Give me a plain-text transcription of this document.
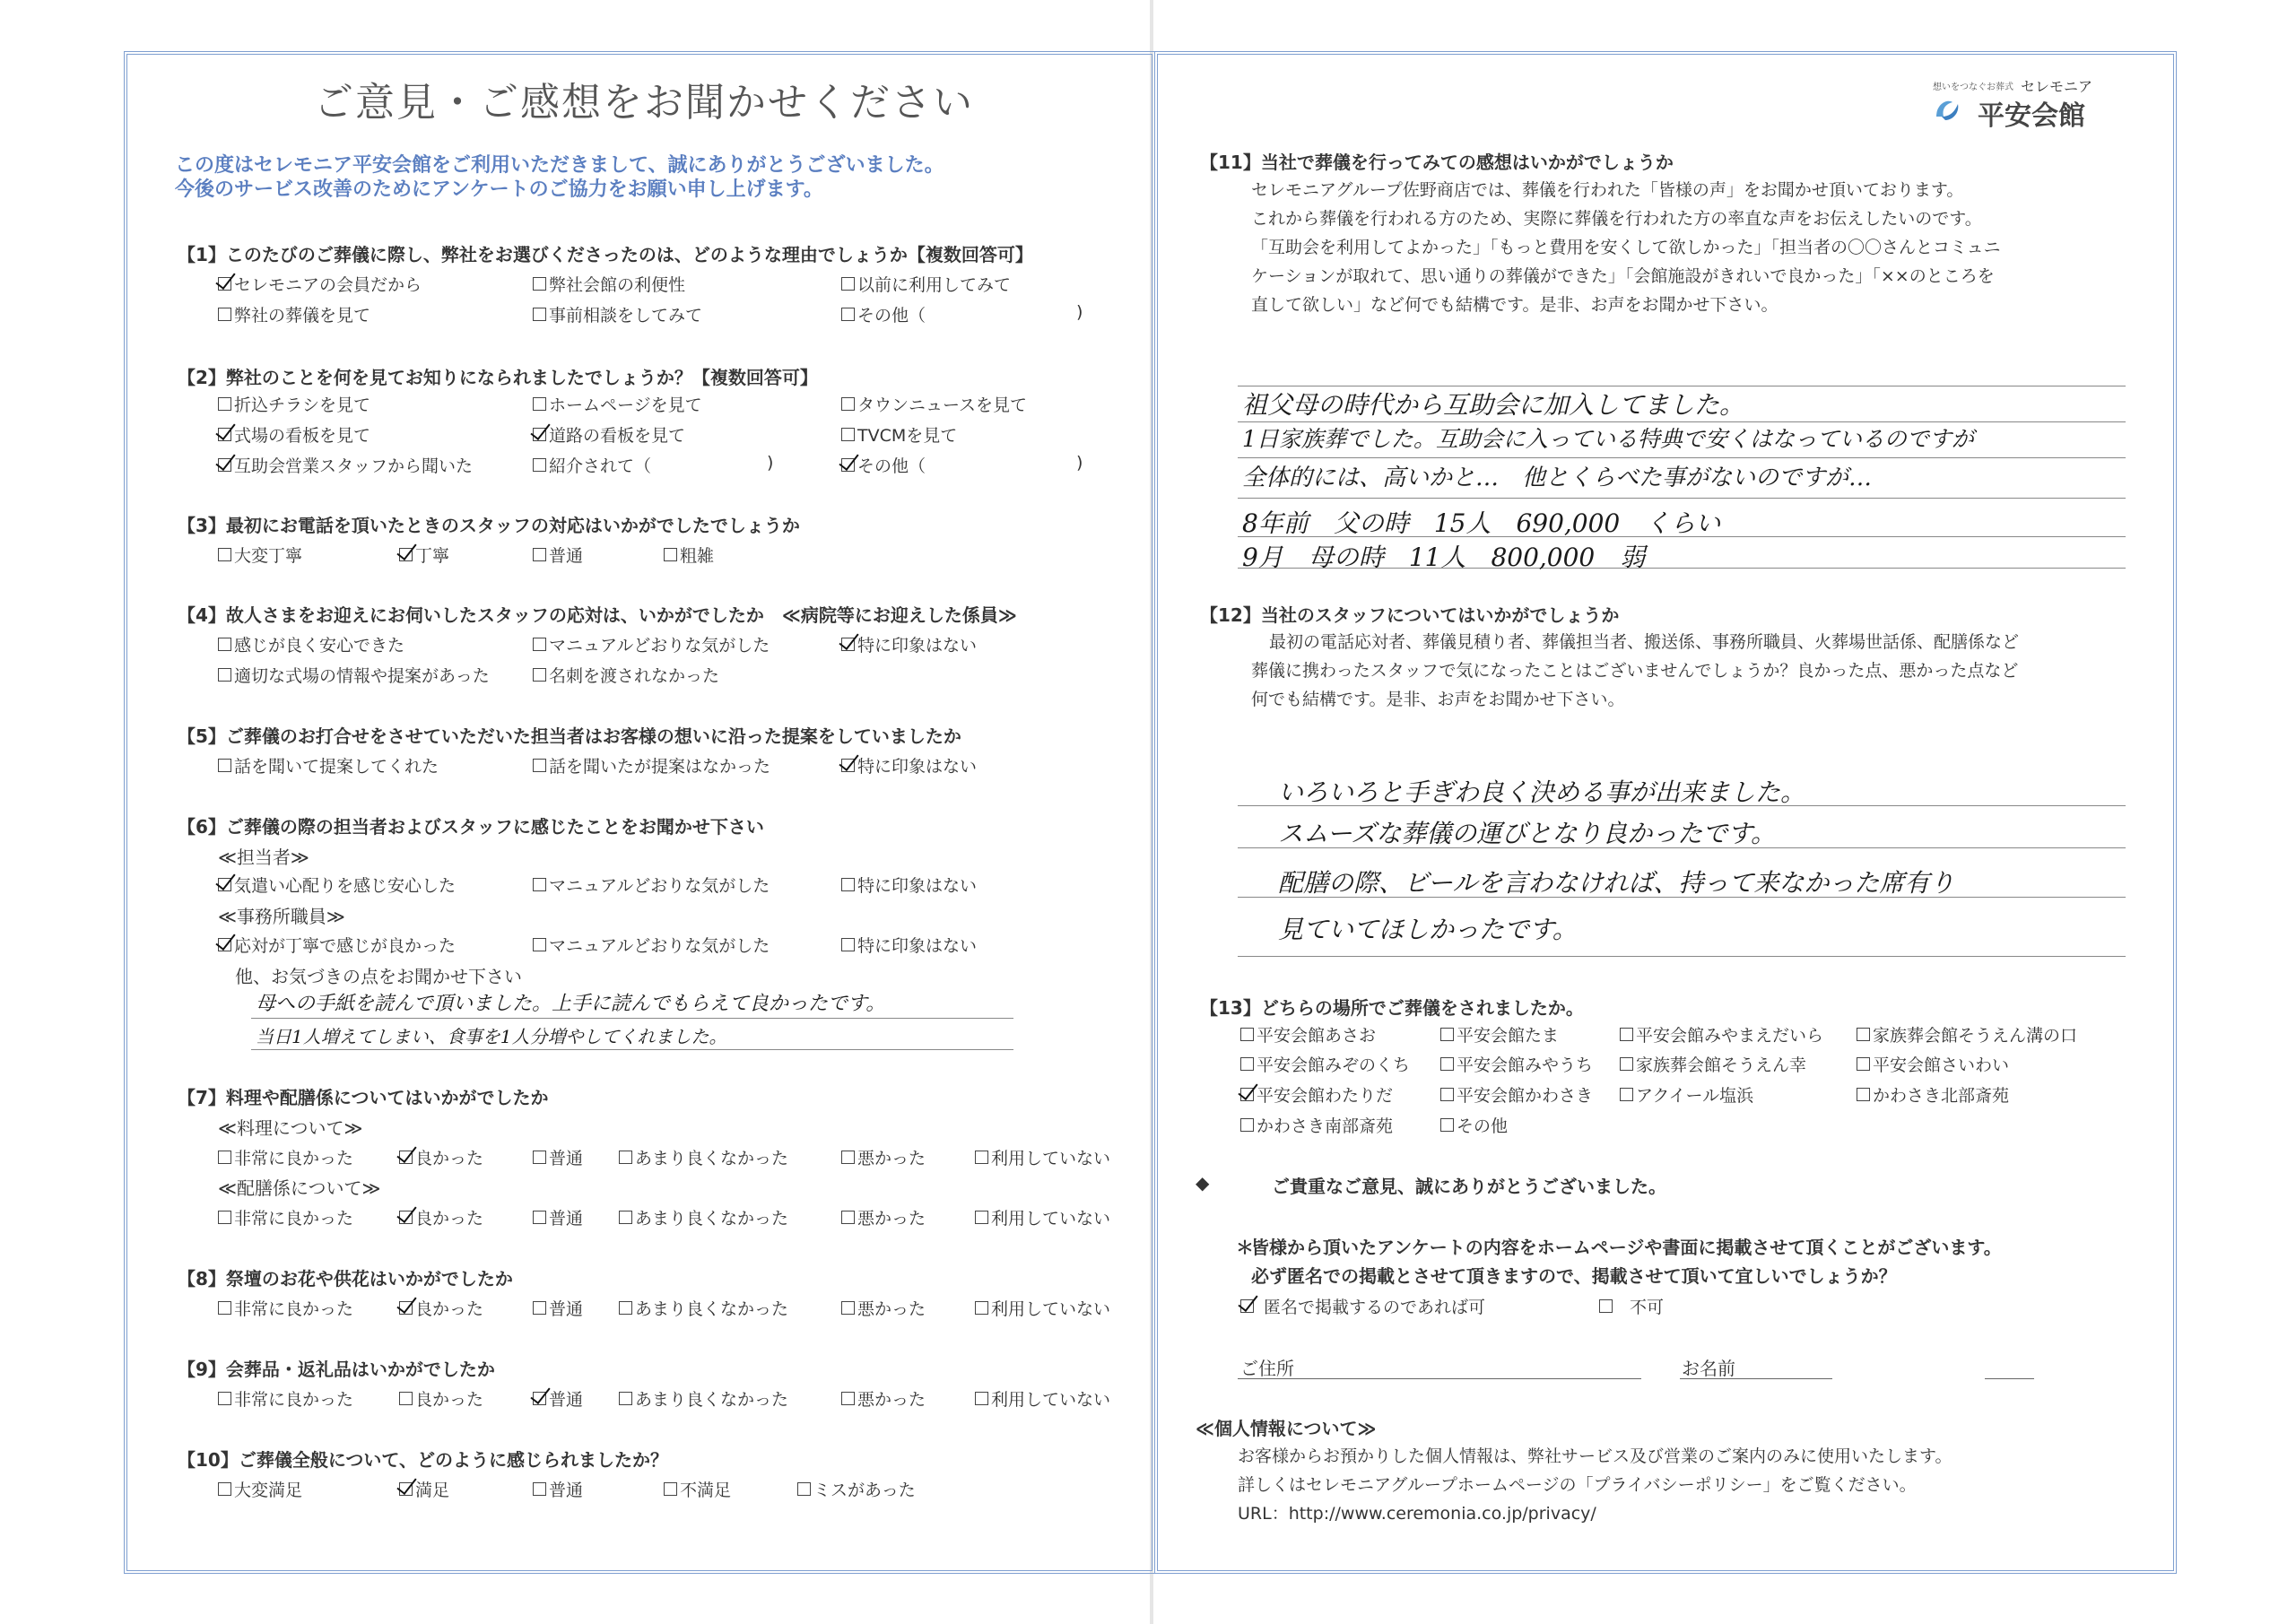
ご意見・ご感想をお聞かせください
この度はセレモニア平安会館をご利用いただきまして、誠にありがとうございました。
今後のサービス改善のためにアンケートのご協力をお願い申し上げます。
【1】このたびのご葬儀に際し、弊社をお選びくださったのは、どのような理由でしょうか【複数回答可】
セレモニアの会員だから	弊社会館の利便性	以前に利用してみて
弊社の葬儀を見て	事前相談をしてみて	その他（	)
【2】弊社のことを何を見てお知りになられましたでしょうか？【複数回答可】
折込チラシを見て	ホームページを見て	タウンニュースを見て
式場の看板を見て	道路の看板を見て	TVCMを見て
互助会営業スタッフから聞いた	紹介されて（	)	その他（	)
【3】最初にお電話を頂いたときのスタッフの対応はいかがでしたでしょうか
大変丁寧	丁寧	普通	粗雑
【4】故人さまをお迎えにお伺いしたスタッフの応対は、いかがでしたか　≪病院等にお迎えした係員≫
感じが良く安心できた	マニュアルどおりな気がした	特に印象はない
適切な式場の情報や提案があった	名刺を渡されなかった
【5】ご葬儀のお打合せをさせていただいた担当者はお客様の想いに沿った提案をしていましたか
話を聞いて提案してくれた	話を聞いたが提案はなかった	特に印象はない
【6】ご葬儀の際の担当者およびスタッフに感じたことをお聞かせ下さい
≪担当者≫
気遣い心配りを感じ安心した	マニュアルどおりな気がした	特に印象はない
≪事務所職員≫
応対が丁寧で感じが良かった	マニュアルどおりな気がした	特に印象はない
他、お気づきの点をお聞かせ下さい
母への手紙を読んで頂いました。上手に読んでもらえて良かったです。
当日1人増えてしまい、食事を1人分増やしてくれました。
【7】料理や配膳係についてはいかがでしたか
≪料理について≫
非常に良かった	良かった	普通	あまり良くなかった	悪かった	利用していない
≪配膳係について≫
非常に良かった	良かった	普通	あまり良くなかった	悪かった	利用していない
【8】祭壇のお花や供花はいかがでしたか
非常に良かった	良かった	普通	あまり良くなかった	悪かった	利用していない
【9】会葬品・返礼品はいかがでしたか
非常に良かった	良かった	普通	あまり良くなかった	悪かった	利用していない
【10】ご葬儀全般について、どのように感じられましたか？
大変満足	満足	普通	不満足	ミスがあった
想いをつなぐお葬式 セレモニア
平安会館
【11】当社で葬儀を行ってみての感想はいかがでしょうか
セレモニアグループ佐野商店では、葬儀を行われた「皆様の声」をお聞かせ頂いております。
これから葬儀を行われる方のため、実際に葬儀を行われた方の率直な声をお伝えしたいのです。
「互助会を利用してよかった」「もっと費用を安くして欲しかった」「担当者の〇〇さんとコミュニ
ケーションが取れて、思い通りの葬儀ができた」「会館施設がきれいで良かった」「××のところを
直して欲しい」など何でも結構です。是非、お声をお聞かせ下さい。
祖父母の時代から互助会に加入してました。
1日家族葬でした。互助会に入っている特典で安くはなっているのですが
全体的には、高いかと…　他とくらべた事がないのですが…
8年前　父の時　15人　690,000　くらい
9月　母の時　11人　800,000　弱
【12】当社のスタッフについてはいかがでしょうか
最初の電話応対者、葬儀見積り者、葬儀担当者、搬送係、事務所職員、火葬場世話係、配膳係など
葬儀に携わったスタッフで気になったことはございませんでしょうか？良かった点、悪かった点など
何でも結構です。是非、お声をお聞かせ下さい。
いろいろと手ぎわ良く決める事が出来ました。
スムーズな葬儀の運びとなり良かったです。
配膳の際、ビールを言わなければ、持って来なかった席有り
見ていてほしかったです。
【13】どちらの場所でご葬儀をされましたか。
平安会館あさお	平安会館たま	平安会館みやまえだいら	家族葬会館そうえん溝の口
平安会館みぞのくち	平安会館みやうち	家族葬会館そうえん幸	平安会館さいわい
平安会館わたりだ	平安会館かわさき	アクイール塩浜	かわさき北部斎苑
かわさき南部斎苑	その他
◆	ご貴重なご意見、誠にありがとうございました。
＊
皆様から頂いたアンケートの内容をホームページや書面に掲載させて頂くことがございます。
必ず匿名での掲載とさせて頂きますので、掲載させて頂いて宜しいでしょうか？
匿名で掲載するのであれば可	不可
ご住所	お名前
≪個人情報について≫
お客様からお預かりした個人情報は、弊社サービス及び営業のご案内のみに使用いたします。
詳しくはセレモニアグループホームページの「プライバシーポリシー」をご覧ください。
URL：http://www.ceremonia.co.jp/privacy/
